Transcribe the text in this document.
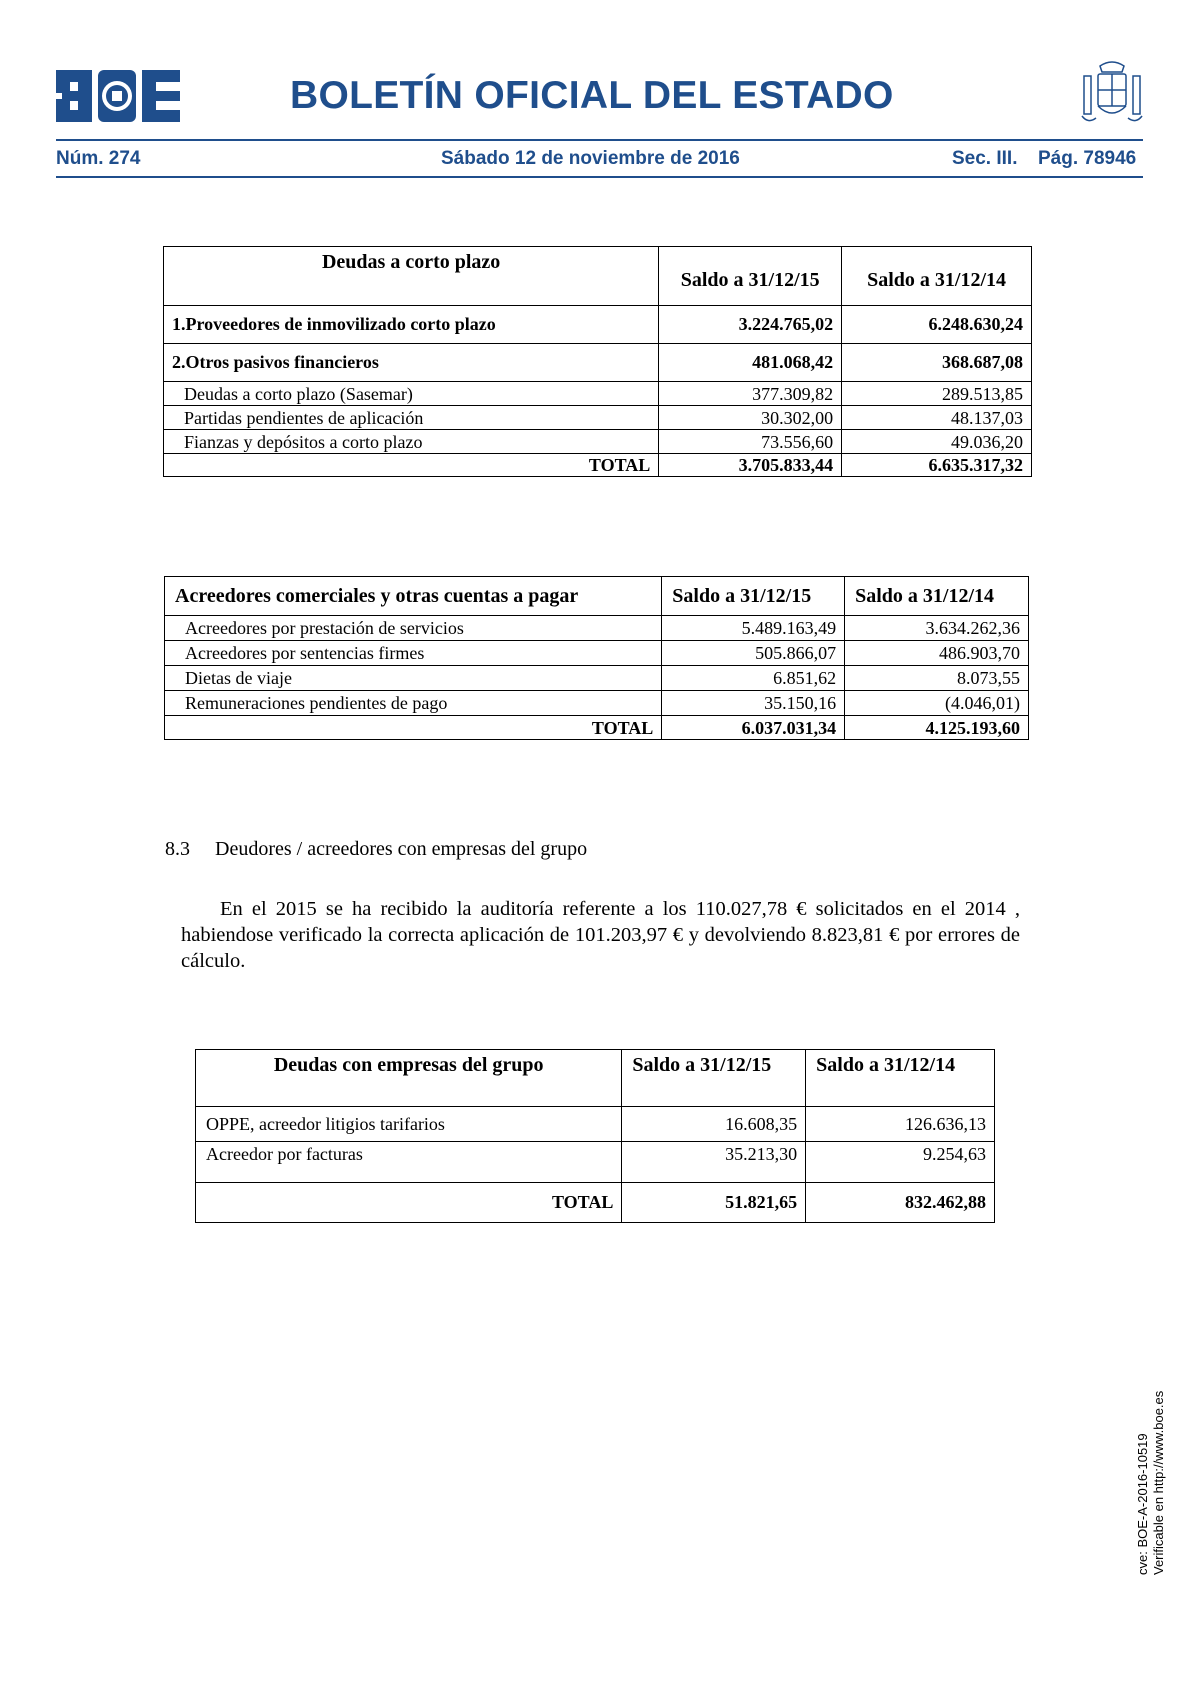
BOLETÍN OFICIAL DEL ESTADO
Núm. 274	Sábado 12 de noviembre de 2016	Sec. III. Pág. 78946
Deudas a corto plazo	Saldo a 31/12/15	Saldo a 31/12/14
1.Proveedores de inmovilizado corto plazo	3.224.765,02	6.248.630,24
2.Otros pasivos financieros	481.068,42	368.687,08
Deudas a corto plazo (Sasemar)	377.309,82	289.513,85
Partidas pendientes de aplicación	30.302,00	48.137,03
Fianzas y depósitos a corto plazo	73.556,60	49.036,20
TOTAL	3.705.833,44	6.635.317,32
Acreedores comerciales y otras cuentas a pagar	Saldo a 31/12/15	Saldo a 31/12/14
Acreedores por prestación de servicios	5.489.163,49	3.634.262,36
Acreedores por sentencias firmes	505.866,07	486.903,70
Dietas de viaje	6.851,62	8.073,55
Remuneraciones pendientes de pago	35.150,16	(4.046,01)
TOTAL	6.037.031,34	4.125.193,60
8.3 Deudores / acreedores con empresas del grupo
En el 2015 se ha recibido la auditoría referente a los 110.027,78 € solicitados en el 2014 , habiendose verificado la correcta aplicación de 101.203,97 € y devolviendo 8.823,81 € por errores de cálculo.
Deudas con empresas del grupo	Saldo a 31/12/15	Saldo a 31/12/14
OPPE, acreedor litigios tarifarios	16.608,35	126.636,13
Acreedor por facturas	35.213,30	9.254,63
TOTAL	51.821,65	832.462,88
cve: BOE-A-2016-10519 Verificable en http://www.boe.es
